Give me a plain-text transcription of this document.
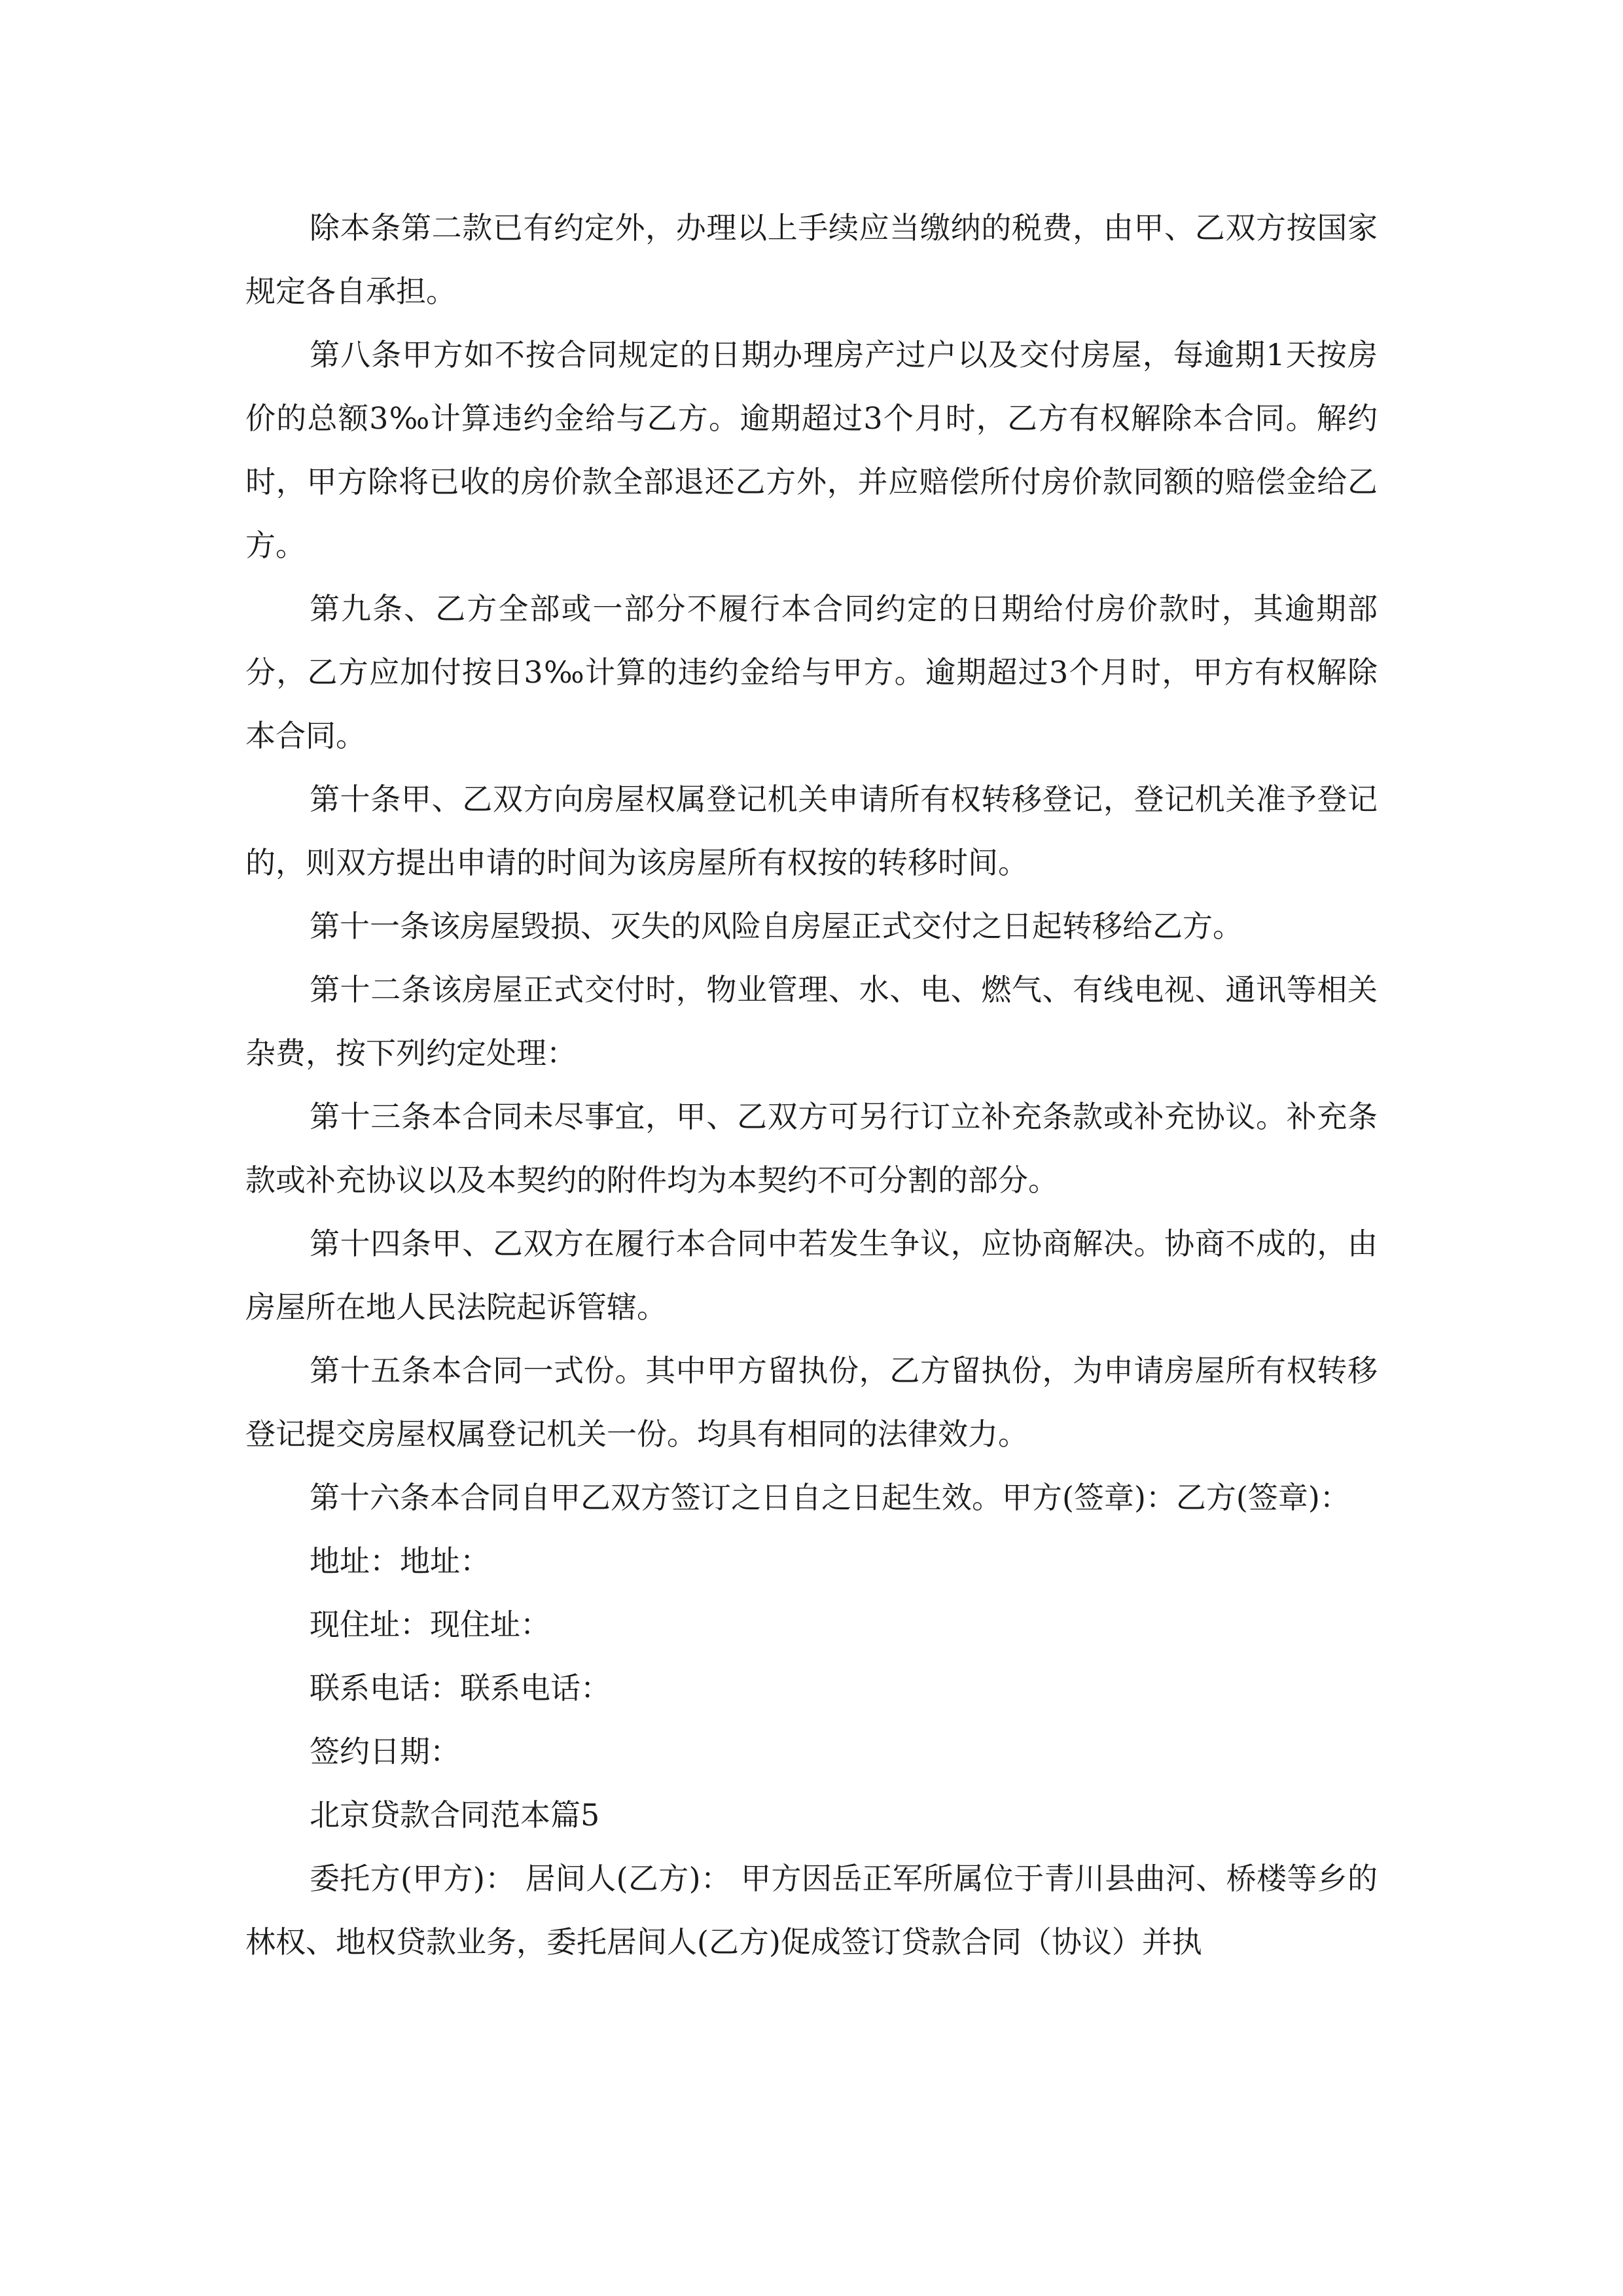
除本条第二款已有约定外，办理以上手续应当缴纳的税费，由甲、乙双方按国家规定各自承担。

第八条甲方如不按合同规定的日期办理房产过户以及交付房屋，每逾期1天按房价的总额3‰计算违约金给与乙方。逾期超过3个月时，乙方有权解除本合同。解约时，甲方除将已收的房价款全部退还乙方外，并应赔偿所付房价款同额的赔偿金给乙方。

第九条、乙方全部或一部分不履行本合同约定的日期给付房价款时，其逾期部分，乙方应加付按日3‰计算的违约金给与甲方。逾期超过3个月时，甲方有权解除本合同。

第十条甲、乙双方向房屋权属登记机关申请所有权转移登记，登记机关准予登记的，则双方提出申请的时间为该房屋所有权按的转移时间。

第十一条该房屋毁损、灭失的风险自房屋正式交付之日起转移给乙方。

第十二条该房屋正式交付时，物业管理、水、电、燃气、有线电视、通讯等相关杂费，按下列约定处理：

第十三条本合同未尽事宜，甲、乙双方可另行订立补充条款或补充协议。补充条款或补充协议以及本契约的附件均为本契约不可分割的部分。

第十四条甲、乙双方在履行本合同中若发生争议，应协商解决。协商不成的，由房屋所在地人民法院起诉管辖。

第十五条本合同一式份。其中甲方留执份，乙方留执份，为申请房屋所有权转移登记提交房屋权属登记机关一份。均具有相同的法律效力。

第十六条本合同自甲乙双方签订之日自之日起生效。甲方(签章)：乙方(签章)：

地址：地址：

现住址：现住址：

联系电话：联系电话：

签约日期：

北京贷款合同范本篇5

委托方(甲方)： 居间人(乙方)： 甲方因岳正军所属位于青川县曲河、桥楼等乡的林权、地权贷款业务，委托居间人(乙方)促成签订贷款合同（协议）并执
